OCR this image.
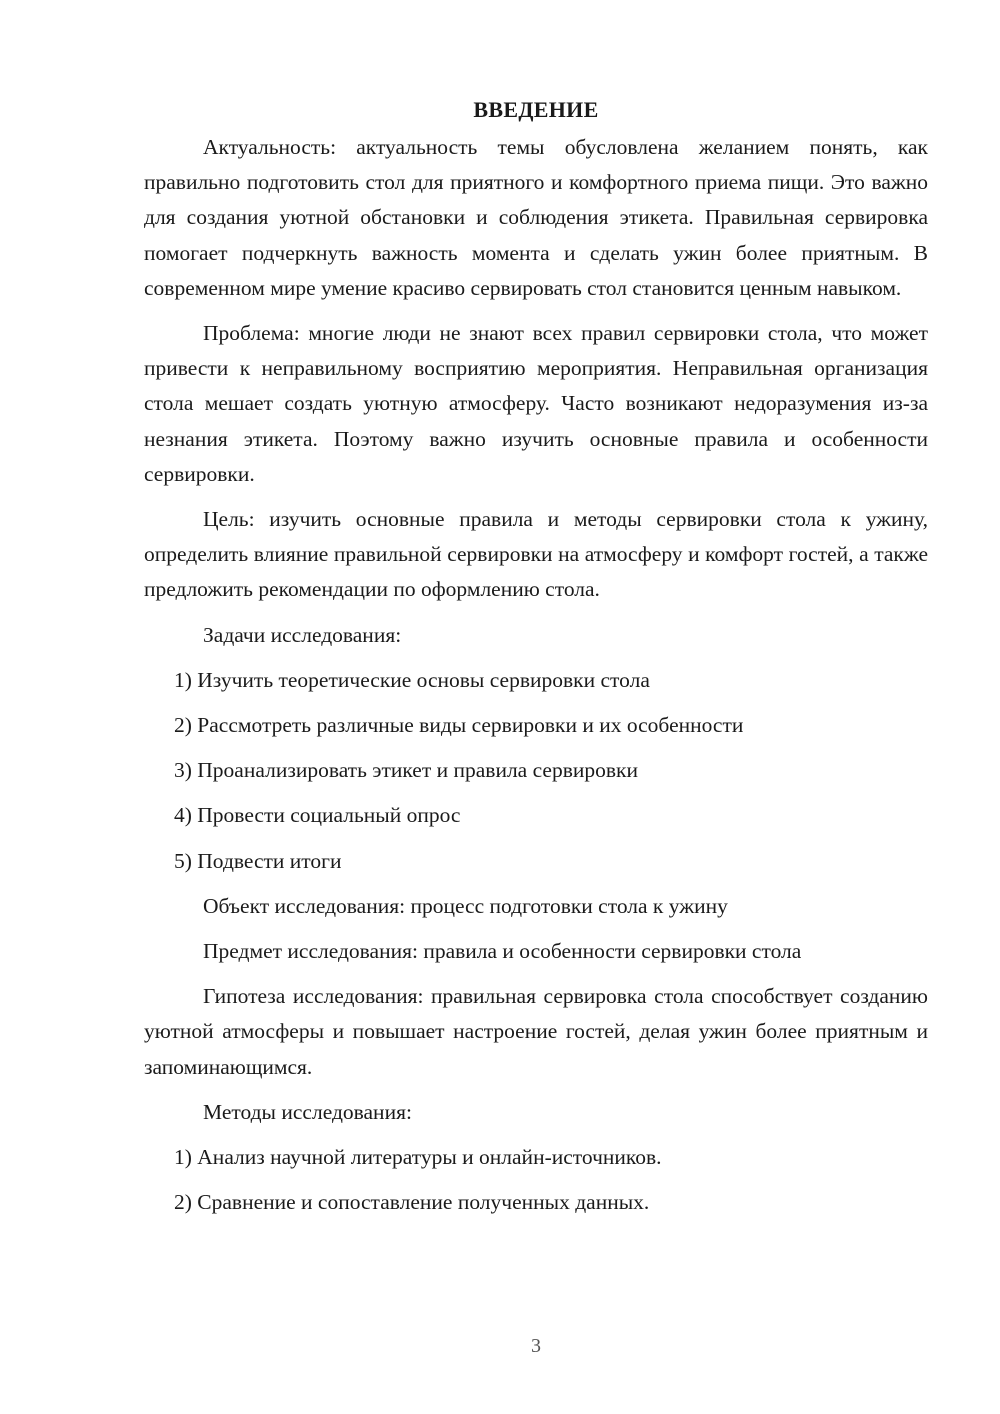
ВВЕДЕНИЕ

Актуальность: актуальность темы обусловлена желанием понять, как правильно подготовить стол для приятного и комфортного приема пищи. Это важно для создания уютной обстановки и соблюдения этикета. Правильная сервировка помогает подчеркнуть важность момента и сделать ужин более приятным. В современном мире умение красиво сервировать стол становится ценным навыком.

Проблема: многие люди не знают всех правил сервировки стола, что может привести к неправильному восприятию мероприятия. Неправильная организация стола мешает создать уютную атмосферу. Часто возникают недоразумения из-за незнания этикета. Поэтому важно изучить основные правила и особенности сервировки.

Цель: изучить основные правила и методы сервировки стола к ужину, определить влияние правильной сервировки на атмосферу и комфорт гостей, а также предложить рекомендации по оформлению стола.

Задачи исследования:

1) Изучить теоретические основы сервировки стола
2) Рассмотреть различные виды сервировки и их особенности
3) Проанализировать этикет и правила сервировки
4) Провести социальный опрос
5) Подвести итоги

Объект исследования: процесс подготовки стола к ужину

Предмет исследования: правила и особенности сервировки стола

Гипотеза исследования: правильная сервировка стола способствует созданию уютной атмосферы и повышает настроение гостей, делая ужин более приятным и запоминающимся.

Методы исследования:

1) Анализ научной литературы и онлайн-источников.
2) Сравнение и сопоставление полученных данных.
3
